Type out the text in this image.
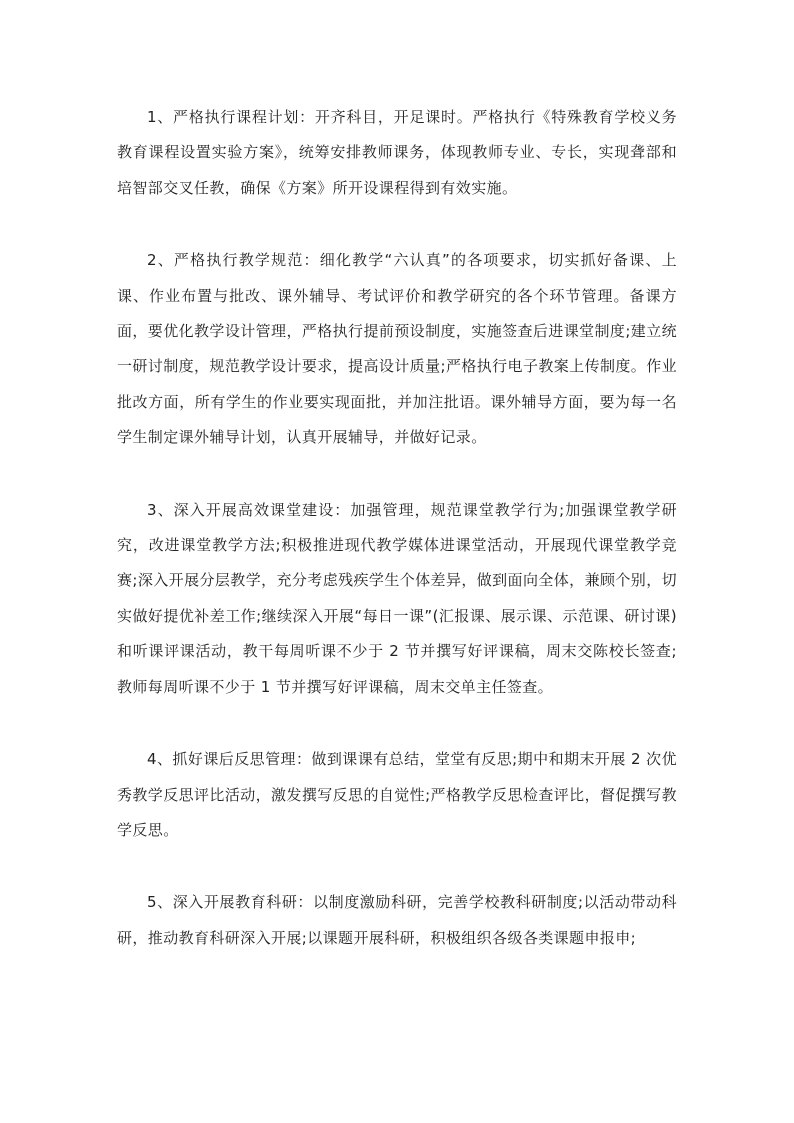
1、严格执行课程计划：开齐科目，开足课时。严格执行《特殊教育学校义务教育课程设置实验方案》，统筹安排教师课务，体现教师专业、专长，实现聋部和培智部交叉任教，确保《方案》所开设课程得到有效实施。

2、严格执行教学规范：细化教学“六认真”的各项要求，切实抓好备课、上课、作业布置与批改、课外辅导、考试评价和教学研究的各个环节管理。备课方面，要优化教学设计管理，严格执行提前预设制度，实施签查后进课堂制度;建立统一研讨制度，规范教学设计要求，提高设计质量;严格执行电子教案上传制度。作业批改方面，所有学生的作业要实现面批，并加注批语。课外辅导方面，要为每一名学生制定课外辅导计划，认真开展辅导，并做好记录。

3、深入开展高效课堂建设：加强管理，规范课堂教学行为;加强课堂教学研究，改进课堂教学方法;积极推进现代教学媒体进课堂活动，开展现代课堂教学竞赛;深入开展分层教学，充分考虑残疾学生个体差异，做到面向全体，兼顾个别，切实做好提优补差工作;继续深入开展“每日一课”(汇报课、展示课、示范课、研讨课)和听课评课活动，教干每周听课不少于 2 节并撰写好评课稿，周末交陈校长签查;教师每周听课不少于 1 节并撰写好评课稿，周末交单主任签查。

4、抓好课后反思管理：做到课课有总结，堂堂有反思;期中和期末开展 2 次优秀教学反思评比活动，激发撰写反思的自觉性;严格教学反思检查评比，督促撰写教学反思。

5、深入开展教育科研：以制度激励科研，完善学校教科研制度;以活动带动科研，推动教育科研深入开展;以课题开展科研，积极组织各级各类课题申报申;
